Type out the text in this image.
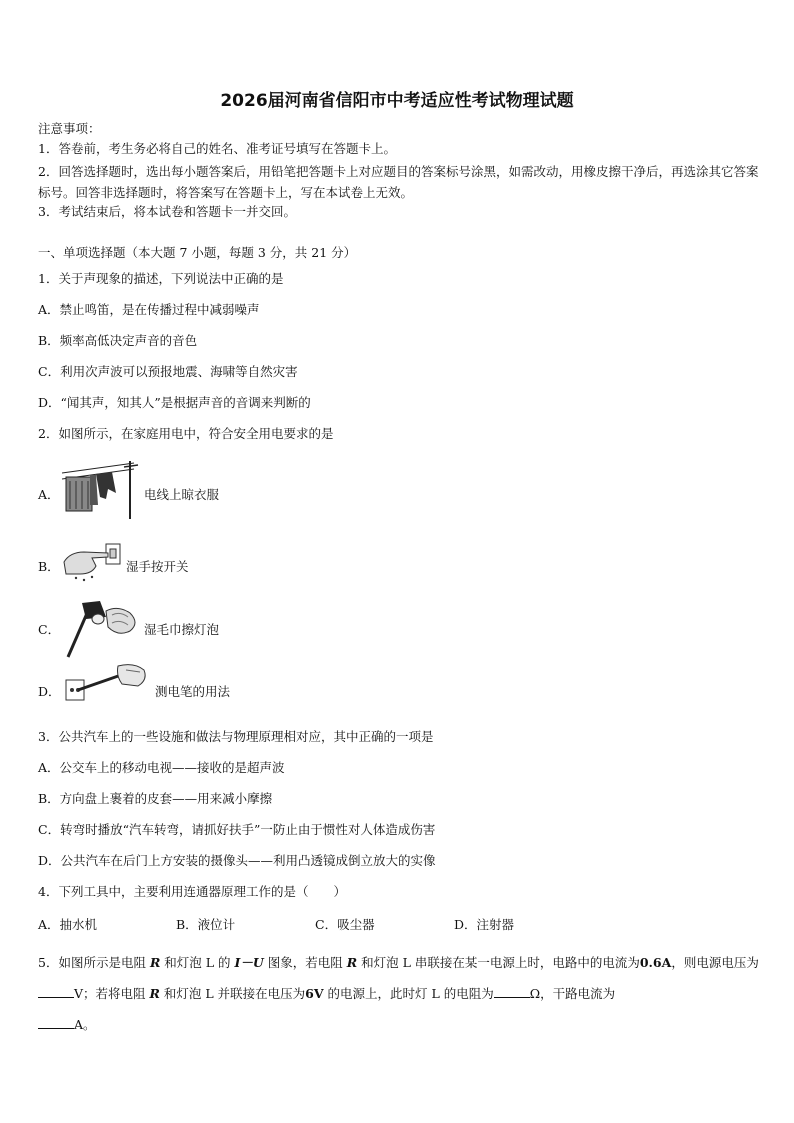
2026届河南省信阳市中考适应性考试物理试题
注意事项：
1．答卷前，考生务必将自己的姓名、准考证号填写在答题卡上。
2．回答选择题时，选出每小题答案后，用铅笔把答题卡上对应题目的答案标号涂黑，如需改动，用橡皮擦干净后，再选涂其它答案标号。回答非选择题时，将答案写在答题卡上，写在本试卷上无效。
3．考试结束后，将本试卷和答题卡一并交回。
一、单项选择题（本大题 7 小题，每题 3 分，共 21 分）
1．关于声现象的描述，下列说法中正确的是
A．禁止鸣笛，是在传播过程中减弱噪声
B．频率高低决定声音的音色
C．利用次声波可以预报地震、海啸等自然灾害
D．“闻其声，知其人”是根据声音的音调来判断的
2．如图所示，在家庭用电中，符合安全用电要求的是
A．	电线上晾衣服
B．	湿手按开关
C．	湿毛巾擦灯泡
D．	测电笔的用法
3．公共汽车上的一些设施和做法与物理原理相对应，其中正确的一项是
A．公交车上的移动电视——接收的是超声波
B．方向盘上裹着的皮套——用来减小摩擦
C．转弯时播放“汽车转弯，请抓好扶手”一防止由于惯性对人体造成伤害
D．公共汽车在后门上方安装的摄像头——利用凸透镜成倒立放大的实像
4．下列工具中，主要利用连通器原理工作的是（　　）
A．抽水机	B．液位计	C．吸尘器	D．注射器
5．如图所示是电阻 R 和灯泡 L 的 I－U 图象，若电阻 R 和灯泡 L 串联接在某一电源上时，电路中的电流为0.6A，则电源电压为V；若将电阻 R 和灯泡 L 并联接在电压为6V 的电源上，此时灯 L 的电阻为	Ω，干路电流为
A。
